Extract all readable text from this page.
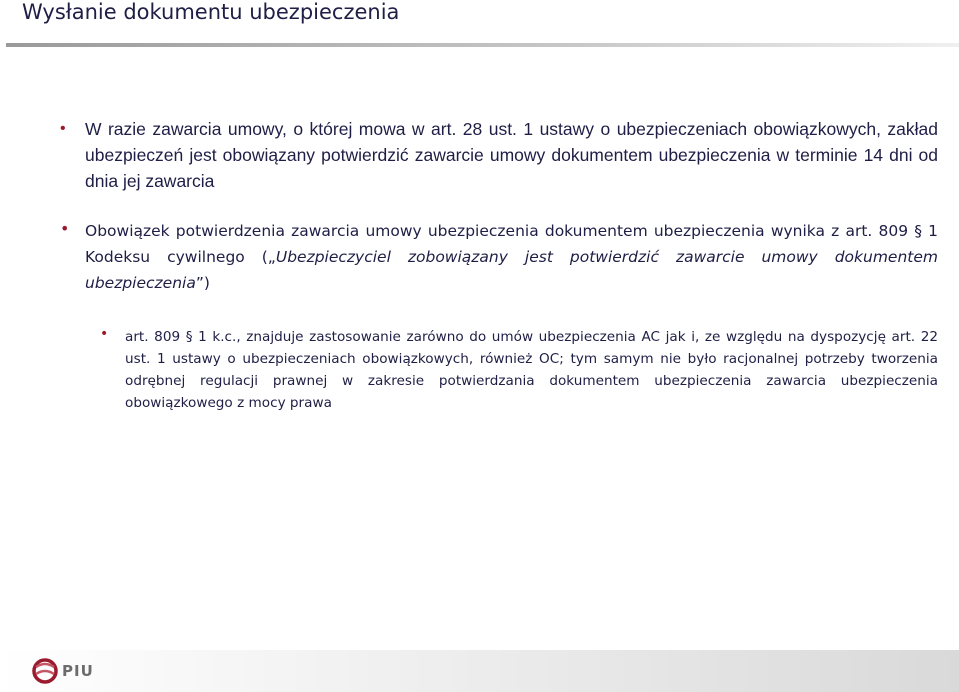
Wysłanie dokumentu ubezpieczenia
• W razie zawarcia umowy, o której mowa w art. 28 ust. 1 ustawy o ubezpieczeniach obowiązkowych, zakład ubezpieczeń jest obowiązany potwierdzić zawarcie umowy dokumentem ubezpieczenia w terminie 14 dni od dnia jej zawarcia
• Obowiązek potwierdzenia zawarcia umowy ubezpieczenia dokumentem ubezpieczenia wynika z art. 809 § 1 Kodeksu cywilnego („Ubezpieczyciel zobowiązany jest potwierdzić zawarcie umowy dokumentem ubezpieczenia”)
• art. 809 § 1 k.c., znajduje zastosowanie zarówno do umów ubezpieczenia AC jak i, ze względu na dyspozycję art. 22 ust. 1 ustawy o ubezpieczeniach obowiązkowych, również OC; tym samym nie było racjonalnej potrzeby tworzenia odrębnej regulacji prawnej w zakresie potwierdzania dokumentem ubezpieczenia zawarcia ubezpieczenia obowiązkowego z mocy prawa
PIU
